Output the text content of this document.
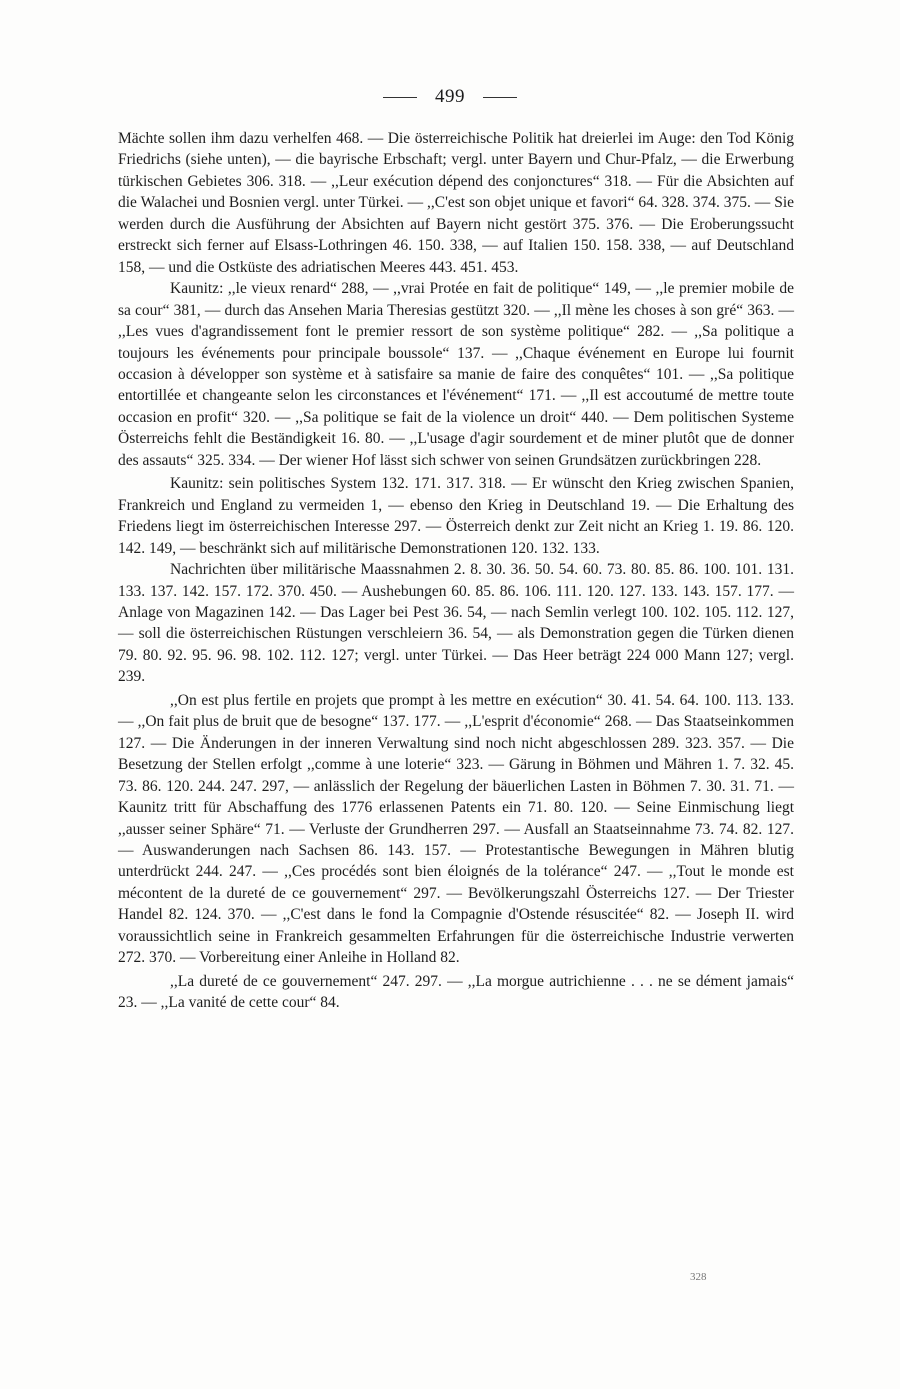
499

Mächte sollen ihm dazu verhelfen 468. — Die österreichische Politik hat dreierlei im Auge: den Tod König Friedrichs (siehe unten), — die bayrische Erbschaft; vergl. unter Bayern und Chur-Pfalz, — die Erwerbung türkischen Gebietes 306. 318. — ,,Leur exécution dépend des conjonctures“ 318. — Für die Absichten auf die Walachei und Bosnien vergl. unter Türkei. — ,,C'est son objet unique et favori“ 64. 328. 374. 375. — Sie werden durch die Ausführung der Absichten auf Bayern nicht gestört 375. 376. — Die Eroberungssucht erstreckt sich ferner auf Elsass-Lothringen 46. 150. 338, — auf Italien 150. 158. 338, — auf Deutschland 158, — und die Ostküste des adriatischen Meeres 443. 451. 453.

Kaunitz: ,,le vieux renard“ 288, — ,,vrai Protée en fait de politique“ 149, — ,,le premier mobile de sa cour“ 381, — durch das Ansehen Maria Theresias gestützt 320. — ,,Il mène les choses à son gré“ 363. — ,,Les vues d'agrandissement font le premier ressort de son système politique“ 282. — ,,Sa politique a toujours les événements pour principale boussole“ 137. — ,,Chaque événement en Europe lui fournit occasion à développer son système et à satisfaire sa manie de faire des conquêtes“ 101. — ,,Sa politique entortillée et changeante selon les circonstances et l'événement“ 171. — ,,Il est accoutumé de mettre toute occasion en profit“ 320. — ,,Sa politique se fait de la violence un droit“ 440. — Dem politischen Systeme Österreichs fehlt die Beständigkeit 16. 80. — ,,L'usage d'agir sourdement et de miner plutôt que de donner des assauts“ 325. 334. — Der wiener Hof lässt sich schwer von seinen Grundsätzen zurückbringen 228.

Kaunitz: sein politisches System 132. 171. 317. 318. — Er wünscht den Krieg zwischen Spanien, Frankreich und England zu vermeiden 1, — ebenso den Krieg in Deutschland 19. — Die Erhaltung des Friedens liegt im österreichischen Interesse 297. — Österreich denkt zur Zeit nicht an Krieg 1. 19. 86. 120. 142. 149, — beschränkt sich auf militärische Demonstrationen 120. 132. 133.

Nachrichten über militärische Maassnahmen 2. 8. 30. 36. 50. 54. 60. 73. 80. 85. 86. 100. 101. 131. 133. 137. 142. 157. 172. 370. 450. — Aushebungen 60. 85. 86. 106. 111. 120. 127. 133. 143. 157. 177. — Anlage von Magazinen 142. — Das Lager bei Pest 36. 54, — nach Semlin verlegt 100. 102. 105. 112. 127, — soll die österreichischen Rüstungen verschleiern 36. 54, — als Demonstration gegen die Türken dienen 79. 80. 92. 95. 96. 98. 102. 112. 127; vergl. unter Türkei. — Das Heer beträgt 224 000 Mann 127; vergl. 239.

,,On est plus fertile en projets que prompt à les mettre en exécution“ 30. 41. 54. 64. 100. 113. 133. — ,,On fait plus de bruit que de besogne“ 137. 177. — ,,L'esprit d'économie“ 268. — Das Staatseinkommen 127. — Die Änderungen in der inneren Verwaltung sind noch nicht abgeschlossen 289. 323. 357. — Die Besetzung der Stellen erfolgt ,,comme à une loterie“ 323. — Gärung in Böhmen und Mähren 1. 7. 32. 45. 73. 86. 120. 244. 247. 297, — anlässlich der Regelung der bäuerlichen Lasten in Böhmen 7. 30. 31. 71. — Kaunitz tritt für Abschaffung des 1776 erlassenen Patents ein 71. 80. 120. — Seine Einmischung liegt ,,ausser seiner Sphäre“ 71. — Verluste der Grundherren 297. — Ausfall an Staatseinnahme 73. 74. 82. 127. — Auswanderungen nach Sachsen 86. 143. 157. — Protestantische Bewegungen in Mähren blutig unterdrückt 244. 247. — ,,Ces procédés sont bien éloignés de la tolérance“ 247. — ,,Tout le monde est mécontent de la dureté de ce gouvernement“ 297. — Bevölkerungszahl Österreichs 127. — Der Triester Handel 82. 124. 370. — ,,C'est dans le fond la Compagnie d'Ostende résuscitée“ 82. — Joseph II. wird voraussichtlich seine in Frankreich gesammelten Erfahrungen für die österreichische Industrie verwerten 272. 370. — Vorbereitung einer Anleihe in Holland 82.

,,La dureté de ce gouvernement“ 247. 297. — ,,La morgue autrichienne . . . ne se dément jamais“ 23. — ,,La vanité de cette cour“ 84.

328
